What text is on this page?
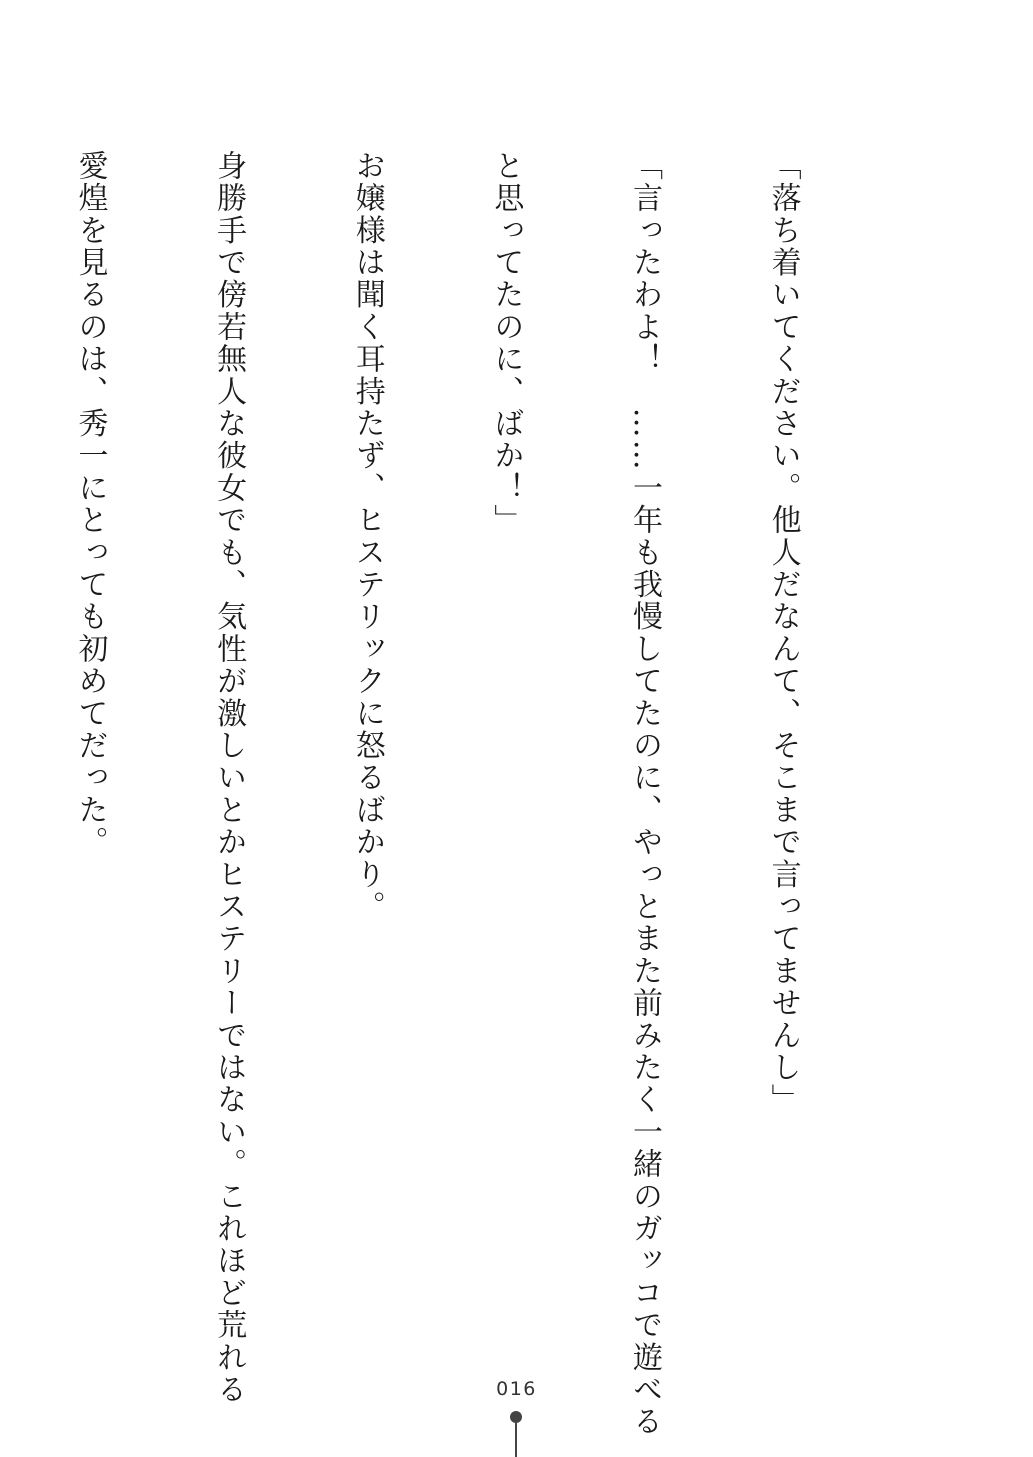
「落ち着いてください。他人だなんて、そこまで言ってませんし」

「言ったわよ！　……一年も我慢してたのに、やっとまた前みたく一緒のガッコで遊べる

と思ってたのに、ばか！」

お嬢様は聞く耳持たず、ヒステリックに怒るばかり。

身勝手で傍若無人な彼女でも、気性が激しいとかヒステリーではない。これほど荒れる

愛煌を見るのは、秀一にとっても初めてだった。

016
